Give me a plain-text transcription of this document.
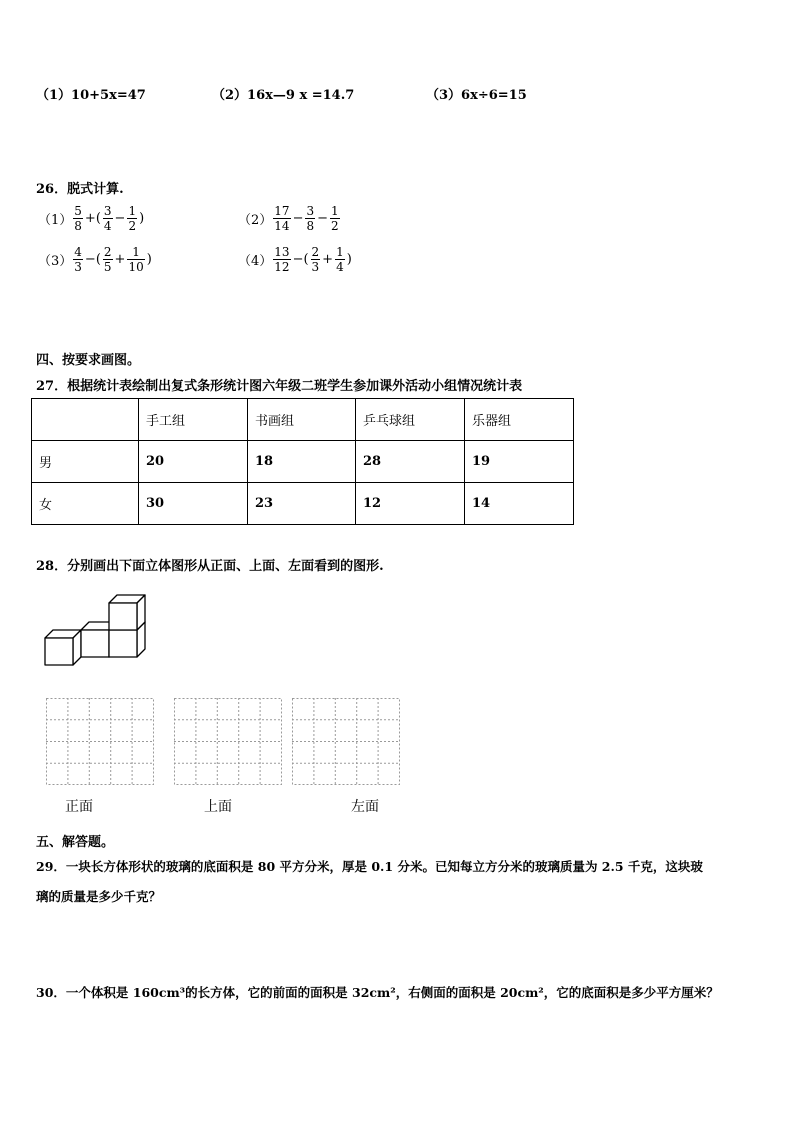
（1）10+5x=47	（2）16x—9 x =14.7	（3）6x÷6=15
26．脱式计算.
$(1) \frac{5}{8}$ +( $\frac{3}{4} - \frac{1}{2}$ )	$(2) \frac{17}{14} - \frac{3}{8} - \frac{1}{2}$
$(3) \frac{4}{3}$ −( $\frac{2}{5} + \frac{1}{10}$ )	$(4) \frac{13}{12}$ −( $\frac{2}{3} + \frac{1}{4}$ )
四、按要求画图。
27．根据统计表绘制出复式条形统计图六年级二班学生参加课外活动小组情况统计表
	手工组	书画组	乒乓球组	乐器组
男	20	18	28	19
女	30	23	12	14
28．分别画出下面立体图形从正面、上面、左面看到的图形.
正面	上面	左面
五、解答题。
29．一块长方体形状的玻璃的底面积是 80 平方分米，厚是 0.1 分米。已知每立方分米的玻璃质量为 2.5 千克，这块玻
璃的质量是多少千克？
30．一个体积是 160cm³的长方体，它的前面的面积是 32cm²，右侧面的面积是 20cm²，它的底面积是多少平方厘米？
